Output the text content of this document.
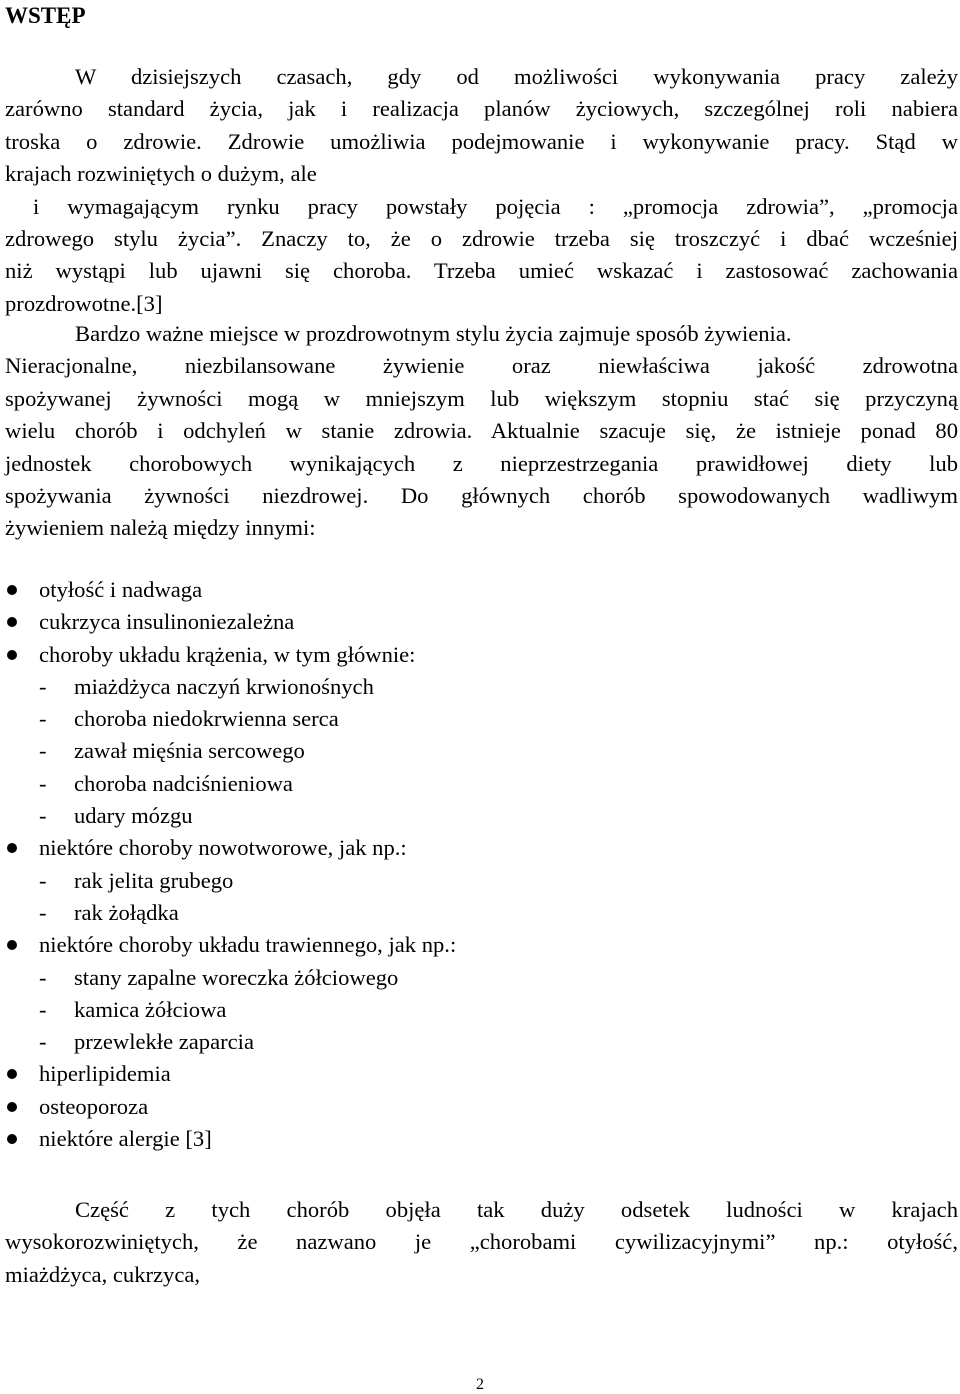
WSTĘP
W dzisiejszych czasach, gdy od możliwości wykonywania pracy zależy
zarówno standard życia, jak i realizacja planów życiowych, szczególnej roli nabiera
troska o zdrowie. Zdrowie umożliwia podejmowanie i wykonywanie pracy. Stąd w
krajach rozwiniętych o dużym, ale
i wymagającym rynku pracy powstały pojęcia : „promocja zdrowia”, „promocja
zdrowego stylu życia”. Znaczy to, że o zdrowie trzeba się troszczyć i dbać wcześniej
niż wystąpi lub ujawni się choroba. Trzeba umieć wskazać i zastosować zachowania
prozdrowotne.[3]
Bardzo ważne miejsce w prozdrowotnym stylu życia zajmuje sposób żywienia.
Nieracjonalne, niezbilansowane żywienie oraz niewłaściwa jakość zdrowotna
spożywanej żywności mogą w mniejszym lub większym stopniu stać się przyczyną
wielu chorób i odchyleń w stanie zdrowia. Aktualnie szacuje się, że istnieje ponad 80
jednostek chorobowych wynikających z nieprzestrzegania prawidłowej diety lub
spożywania żywności niezdrowej. Do głównych chorób spowodowanych wadliwym
żywieniem należą między innymi:
otyłość i nadwaga
cukrzyca insulinoniezależna
choroby układu krążenia, w tym głównie:
- miażdżyca naczyń krwionośnych
- choroba niedokrwienna serca
- zawał mięśnia sercowego
- choroba nadciśnieniowa
- udary mózgu
niektóre choroby nowotworowe, jak np.:
- rak jelita grubego
- rak żołądka
niektóre choroby układu trawiennego, jak np.:
- stany zapalne woreczka żółciowego
- kamica żółciowa
- przewlekłe zaparcia
hiperlipidemia
osteoporoza
niektóre alergie [3]
Część z tych chorób objęła tak duży odsetek ludności w krajach
wysokorozwiniętych, że nazwano je „chorobami cywilizacyjnymi” np.: otyłość,
miażdżyca, cukrzyca,
2
